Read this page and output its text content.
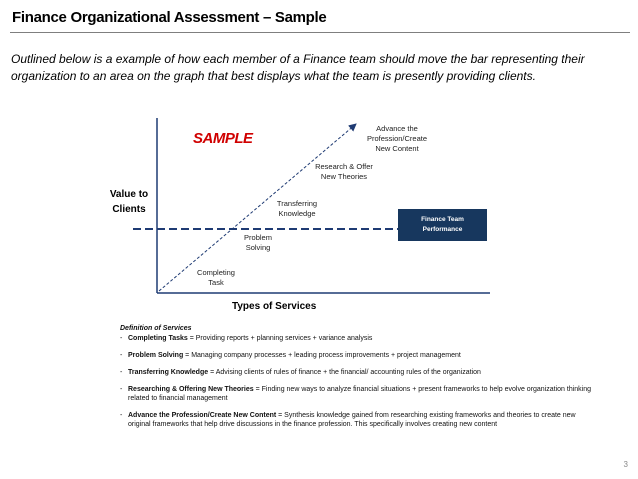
Finance Organizational Assessment – Sample
Outlined below is a example of how each member of a Finance team should move the bar representing their organization to an area on the graph that best displays what the team is presently providing clients.
SAMPLE
Value to
Clients
Types of Services
Completing
Task
Problem
Solving
Transferring
Knowledge
Research & Offer
New Theories
Advance the
Profession/Create
New Content
Finance Team
Performance
Definition of Services
- Completing Tasks = Providing reports + planning services + variance analysis
- Problem Solving = Managing company processes + leading process improvements + project management
- Transferring Knowledge = Advising clients of rules of finance + the financial/ accounting rules of the organization
- Researching & Offering New Theories = Finding new ways to analyze financial situations + present frameworks to help evolve organization thinking related to financial management
- Advance the Profession/Create New Content = Synthesis knowledge gained from researching existing frameworks and theories to create new original frameworks that help drive discussions in the finance profession. This specifically involves creating new content
3
